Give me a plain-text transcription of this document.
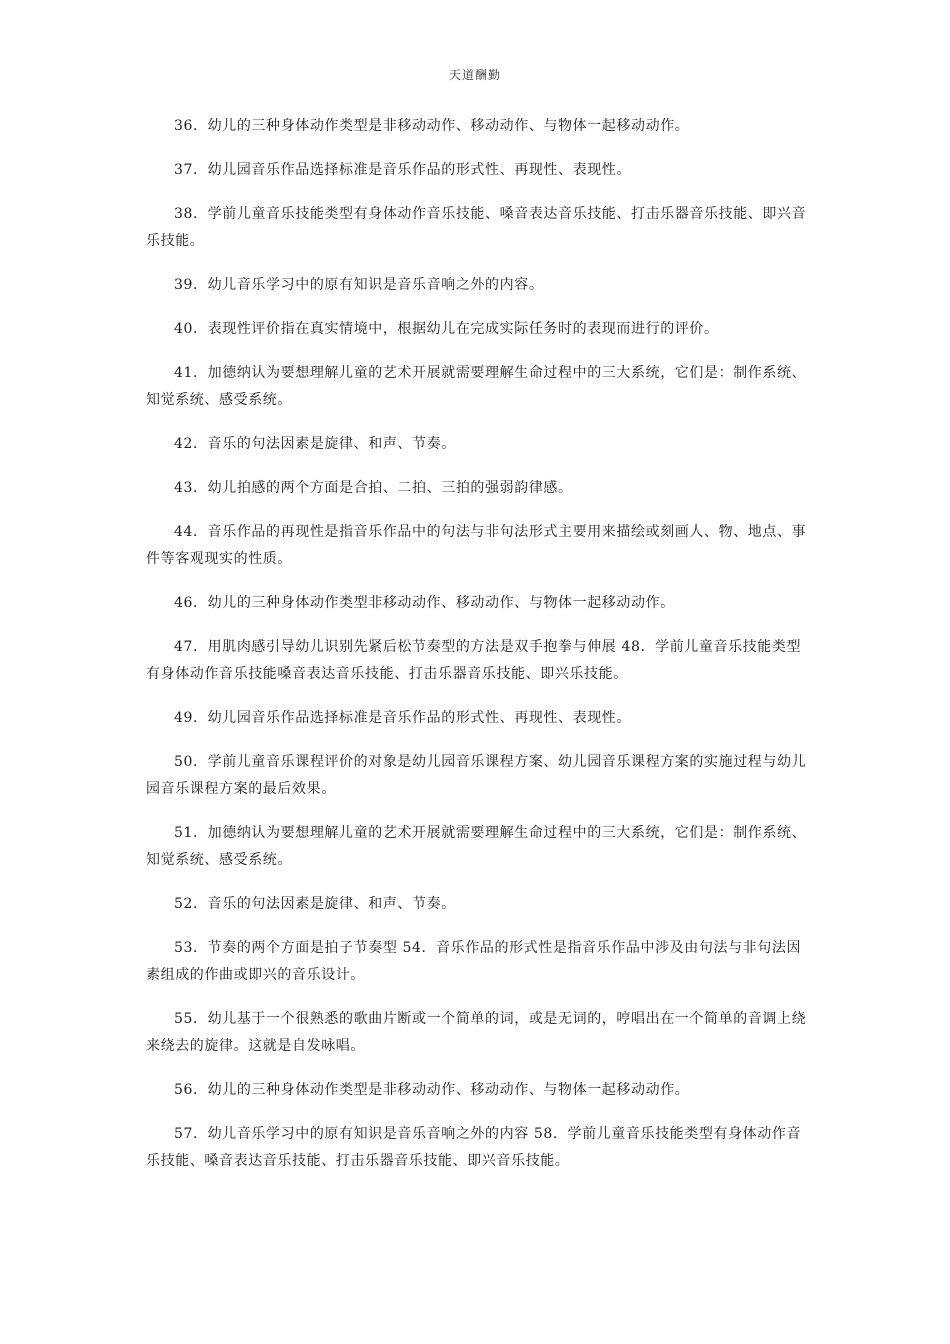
天道酬勤

36．幼儿的三种身体动作类型是非移动动作、移动动作、与物体一起移动动作。

37．幼儿园音乐作品选择标准是音乐作品的形式性、再现性、表现性。

38．学前儿童音乐技能类型有身体动作音乐技能、嗓音表达音乐技能、打击乐器音乐技能、即兴音乐技能。

39．幼儿音乐学习中的原有知识是音乐音响之外的内容。

40．表现性评价指在真实情境中，根据幼儿在完成实际任务时的表现而进行的评价。

41．加德纳认为要想理解儿童的艺术开展就需要理解生命过程中的三大系统，它们是：制作系统、知觉系统、感受系统。

42．音乐的句法因素是旋律、和声、节奏。

43．幼儿拍感的两个方面是合拍、二拍、三拍的强弱韵律感。

44．音乐作品的再现性是指音乐作品中的句法与非句法形式主要用来描绘或刻画人、物、地点、事件等客观现实的性质。

46．幼儿的三种身体动作类型非移动动作、移动动作、与物体一起移动动作。

47．用肌肉感引导幼儿识别先紧后松节奏型的方法是双手抱拳与伸展 48．学前儿童音乐技能类型有身体动作音乐技能嗓音表达音乐技能、打击乐器音乐技能、即兴乐技能。

49．幼儿园音乐作品选择标准是音乐作品的形式性、再现性、表现性。

50．学前儿童音乐课程评价的对象是幼儿园音乐课程方案、幼儿园音乐课程方案的实施过程与幼儿园音乐课程方案的最后效果。

51．加德纳认为要想理解儿童的艺术开展就需要理解生命过程中的三大系统，它们是：制作系统、知觉系统、感受系统。

52．音乐的句法因素是旋律、和声、节奏。

53．节奏的两个方面是拍子节奏型 54．音乐作品的形式性是指音乐作品中涉及由句法与非句法因素组成的作曲或即兴的音乐设计。

55．幼儿基于一个很熟悉的歌曲片断或一个简单的词，或是无词的，哼唱出在一个简单的音调上绕来绕去的旋律。这就是自发咏唱。

56．幼儿的三种身体动作类型是非移动动作、移动动作、与物体一起移动动作。

57．幼儿音乐学习中的原有知识是音乐音响之外的内容 58．学前儿童音乐技能类型有身体动作音乐技能、嗓音表达音乐技能、打击乐器音乐技能、即兴音乐技能。
